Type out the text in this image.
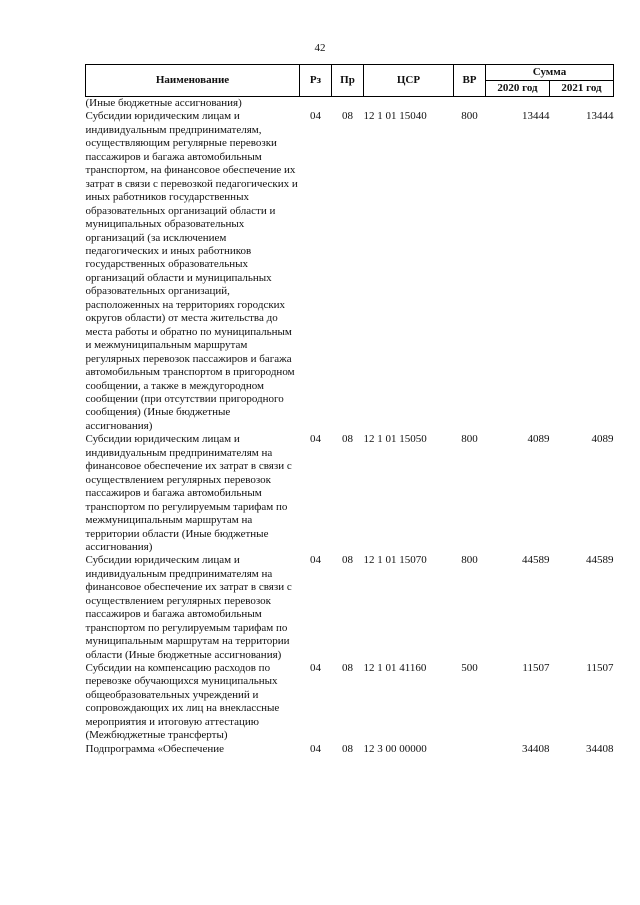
42
Наименование	Рз	Пр	ЦСР	ВР	Сумма	
					2020 год	2021 год
(Иные бюджетные ассигнования)						
Субсидии юридическим лицам и индивидуальным предпринимателям, осуществляющим регулярные перевозки пассажиров и багажа автомобильным транспортом, на финансовое обеспечение их затрат в связи с перевозкой педагогических и иных работников государственных образовательных организаций области и муниципальных образовательных организаций (за исключением педагогических и иных работников государственных образовательных организаций области и муниципальных образовательных организаций, расположенных на территориях городских округов области) от места жительства до места работы и обратно по муниципальным и межмуниципальным маршрутам регулярных перевозок пассажиров и багажа автомобильным транспортом в пригородном сообщении, а также в междугородном сообщении (при отсутствии пригородного сообщения) (Иные бюджетные ассигнования)	04	08	12 1 01 15040	800	13444	13444
Субсидии юридическим лицам и индивидуальным предпринимателям на финансовое обеспечение их затрат в связи с осуществлением регулярных перевозок пассажиров и багажа автомобильным транспортом по регулируемым тарифам по межмуниципальным маршрутам на территории области (Иные бюджетные ассигнования)	04	08	12 1 01 15050	800	4089	4089
Субсидии юридическим лицам и индивидуальным предпринимателям на финансовое обеспечение их затрат в связи с осуществлением регулярных перевозок пассажиров и багажа автомобильным транспортом по регулируемым тарифам по муниципальным маршрутам на территории области (Иные бюджетные ассигнования)	04	08	12 1 01 15070	800	44589	44589
Субсидии на компенсацию расходов по перевозке обучающихся муниципальных общеобразовательных учреждений и сопровождающих их лиц на внеклассные мероприятия и итоговую аттестацию (Межбюджетные трансферты)	04	08	12 1 01 41160	500	11507	11507
Подпрограмма «Обеспечение	04	08	12 3 00 00000		34408	34408
